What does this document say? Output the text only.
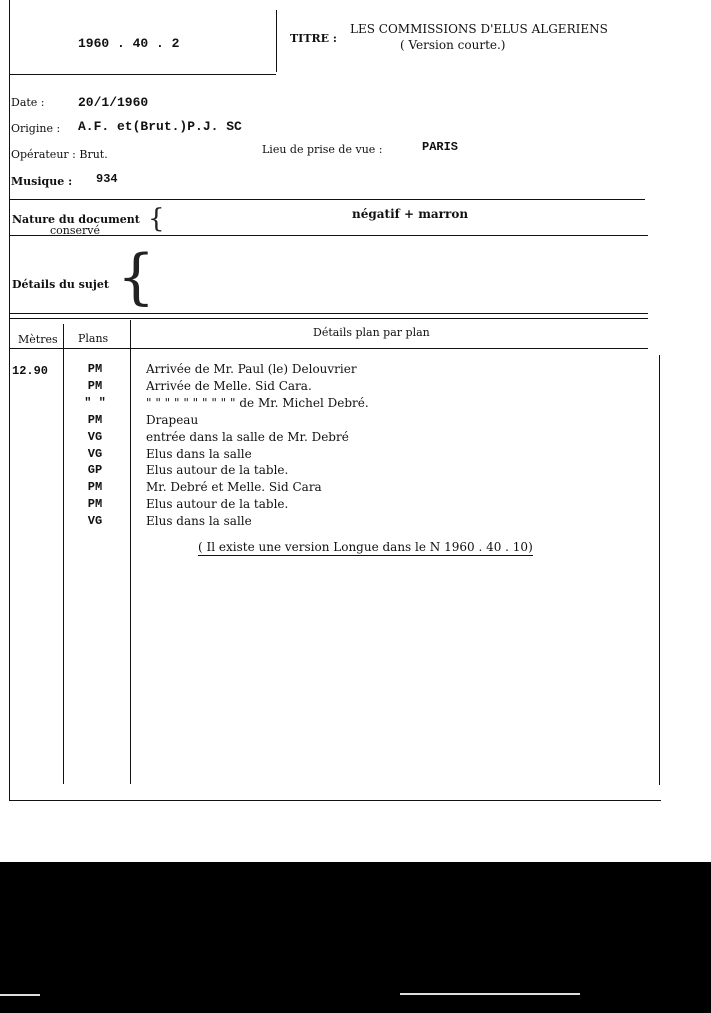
1960 . 40 . 2	TITRE :
LES COMMISSIONS D'ELUS ALGERIENS
( Version courte.)
Date :	20/1/1960
Origine : A.F. et(Brut.)P.J. SC
Opérateur : Brut.	Lieu de prise de vue :	PARIS
Musique : 934
Nature du document
conservé {	négatif + marron
Détails du sujet {
Mètres Plans	Détails plan par plan
12.90	PM	Arrivée de Mr. Paul (le) Delouvrier
PM	Arrivée de Melle. Sid Cara.
" "	" " " " " " " " " " de Mr. Michel Debré.
PM	Drapeau
VG	entrée dans la salle de Mr. Debré
VG	Elus dans la salle
GP	Elus autour de la table.
PM	Mr. Debré et Melle. Sid Cara
PM	Elus autour de la table.
VG	Elus dans la salle
( Il existe une version Longue dans le N 1960 . 40 . 10)
